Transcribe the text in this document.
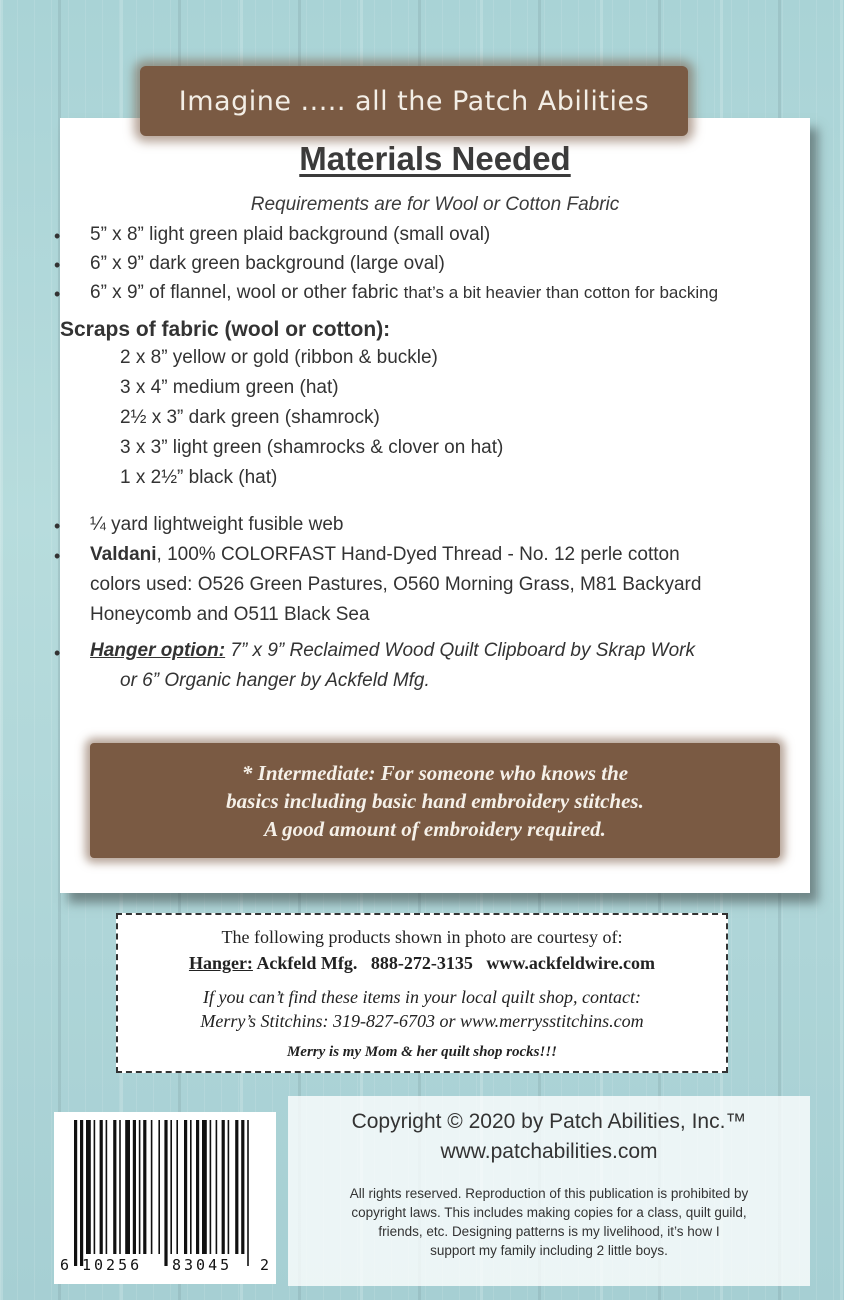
Imagine ..... all the Patch Abilities
Materials Needed
Requirements are for Wool or Cotton Fabric
• 5” x 8” light green plaid background (small oval)
• 6” x 9” dark green background (large oval)
• 6” x 9” of flannel, wool or other fabric that’s a bit heavier than cotton for backing
Scraps of fabric (wool or cotton):
2 x 8” yellow or gold (ribbon & buckle)
3 x 4” medium green (hat)
2½ x 3” dark green (shamrock)
3 x 3” light green (shamrocks & clover on hat)
1 x 2½” black (hat)
• ¼ yard lightweight fusible web
• Valdani, 100% COLORFAST Hand-Dyed Thread - No. 12 perle cotton
colors used: O526 Green Pastures, O560 Morning Grass, M81 Backyard
Honeycomb and O511 Black Sea
• Hanger option: 7” x 9” Reclaimed Wood Quilt Clipboard by Skrap Work
or 6” Organic hanger by Ackfeld Mfg.
* Intermediate: For someone who knows the
basics including basic hand embroidery stitches.
A good amount of embroidery required.
The following products shown in photo are courtesy of:
Hanger: Ackfeld Mfg.   888-272-3135   www.ackfeldwire.com
If you can’t find these items in your local quilt shop, contact:
Merry’s Stitchins: 319-827-6703 or www.merrysstitchins.com
Merry is my Mom & her quilt shop rocks!!!
6 10256 83045 2
Copyright © 2020 by Patch Abilities, Inc.™
www.patchabilities.com
All rights reserved. Reproduction of this publication is prohibited by
copyright laws. This includes making copies for a class, quilt guild,
friends, etc. Designing patterns is my livelihood, it’s how I
support my family including 2 little boys.
